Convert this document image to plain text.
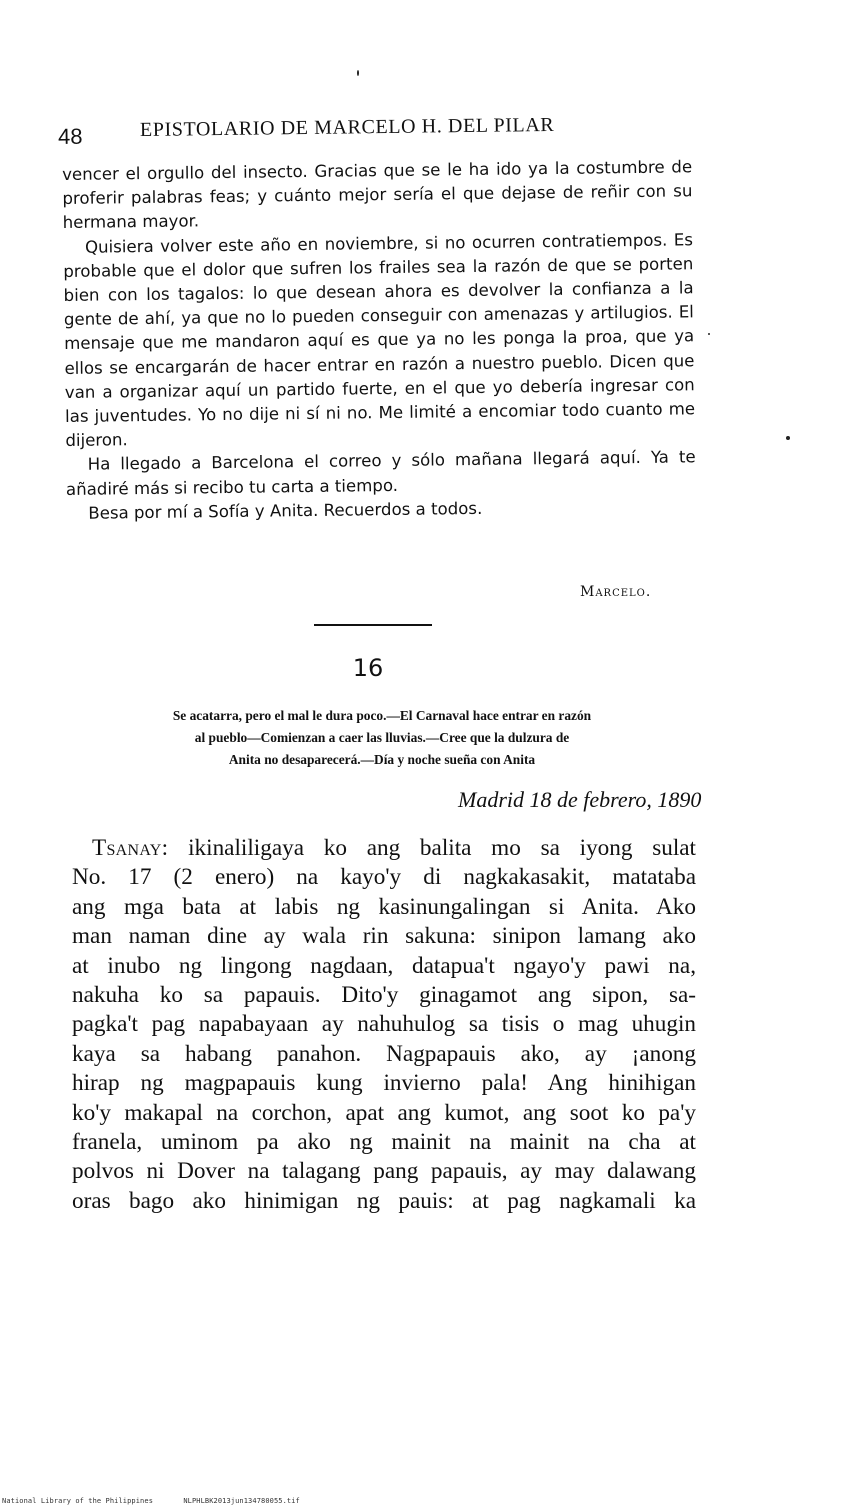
48	EPISTOLARIO DE MARCELO H. DEL PILAR

vencer el orgullo del insecto. Gracias que se le ha ido ya la costumbre de proferir palabras feas; y cuánto mejor sería el que dejase de reñir con su hermana mayor.

Quisiera volver este año en noviembre, si no ocurren contratiempos. Es probable que el dolor que sufren los frailes sea la razón de que se porten bien con los tagalos: lo que desean ahora es devolver la confianza a la gente de ahí, ya que no lo pueden conseguir con amenazas y artilugios. El mensaje que me mandaron aquí es que ya no les ponga la proa, que ya ellos se encargarán de hacer entrar en razón a nuestro pueblo. Dicen que van a organizar aquí un partido fuerte, en el que yo debería ingresar con las juventudes. Yo no dije ni sí ni no. Me limité a encomiar todo cuanto me dijeron.

Ha llegado a Barcelona el correo y sólo mañana llegará aquí. Ya te añadiré más si recibo tu carta a tiempo.

Besa por mí a Sofía y Anita. Recuerdos a todos.

Marcelo.
16
Se acatarra, pero el mal le dura poco.—El Carnaval hace entrar en razón
al pueblo—Comienzan a caer las lluvias.—Cree que la dulzura de
Anita no desaparecerá.—Día y noche sueña con Anita
Madrid 18 de febrero, 1890
Tsanay: ikinaliligaya ko ang balita mo sa iyong sulat
No. 17 (2 enero) na kayo'y di nagkakasakit, matataba
ang mga bata at labis ng kasinungalingan si Anita. Ako
man naman dine ay wala rin sakuna: sinipon lamang ako
at inubo ng lingong nagdaan, datapua't ngayo'y pawi na,
nakuha ko sa papauis. Dito'y ginagamot ang sipon, sa-
pagka't pag napabayaan ay nahuhulog sa tisis o mag uhugin
kaya sa habang panahon. Nagpapauis ako, ay ¡anong
hirap ng magpapauis kung invierno pala! Ang hinihigan
ko'y makapal na corchon, apat ang kumot, ang soot ko pa'y
franela, uminom pa ako ng mainit na mainit na cha at
polvos ni Dover na talagang pang papauis, ay may dalawang
oras bago ako hinimigan ng pauis: at pag nagkamali ka
National Library of the Philippines	NLPHLBK2013jun134780055.tif
